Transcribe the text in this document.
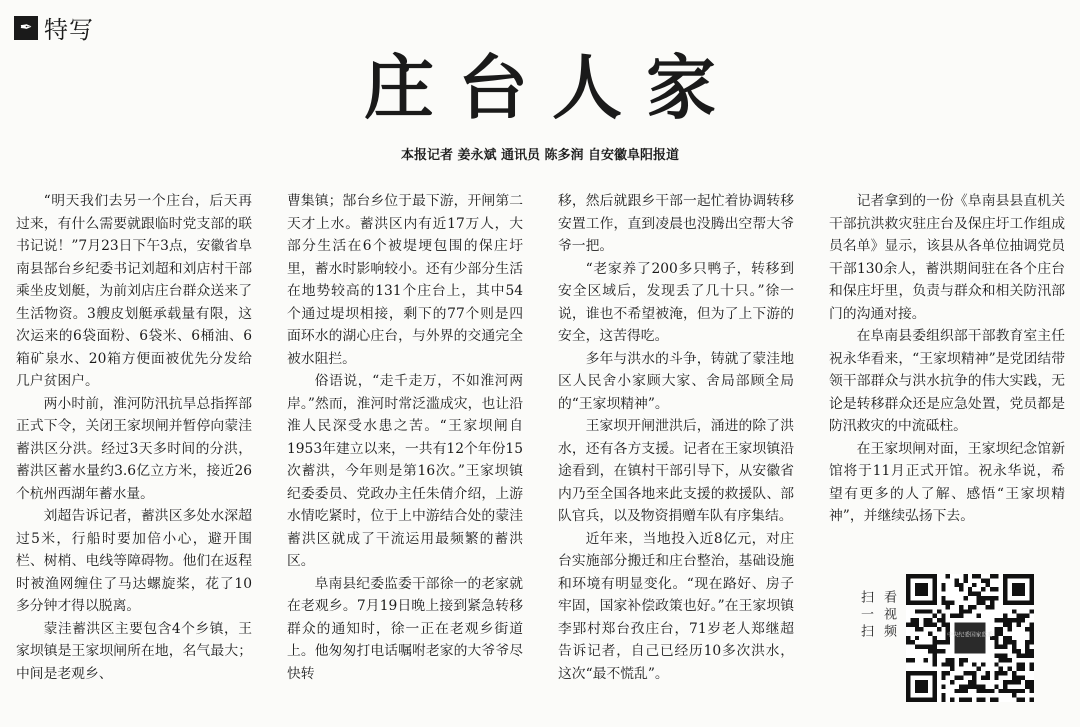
✒ 特写
庄台人家
本报记者 姜永斌 通讯员 陈多润 自安徽阜阳报道

“明天我们去另一个庄台，后天再过来，有什么需要就跟临时党支部的联书记说！”7月23日下午3点，安徽省阜南县郜台乡纪委书记刘超和刘店村干部乘坐皮划艇，为前刘店庄台群众送来了生活物资。3艘皮划艇承载量有限，这次运来的6袋面粉、6袋米、6桶油、6箱矿泉水、20箱方便面被优先分发给几户贫困户。

两小时前，淮河防汛抗旱总指挥部正式下令，关闭王家坝闸并暂停向蒙洼蓄洪区分洪。经过3天多时间的分洪，蓄洪区蓄水量约3.6亿立方米，接近26个杭州西湖年蓄水量。

刘超告诉记者，蓄洪区多处水深超过5米，行船时要加倍小心，避开围栏、树梢、电线等障碍物。他们在返程时被渔网缠住了马达螺旋桨，花了10多分钟才得以脱离。

蒙洼蓄洪区主要包含4个乡镇，王家坝镇是王家坝闸所在地，名气最大；中间是老观乡、

曹集镇；郜台乡位于最下游，开闸第二天才上水。蓄洪区内有近17万人，大部分生活在6个被堤埂包围的保庄圩里，蓄水时影响较小。还有少部分生活在地势较高的131个庄台上，其中54个通过堤坝相接，剩下的77个则是四面环水的湖心庄台，与外界的交通完全被水阻拦。

俗语说，“走千走万，不如淮河两岸。”然而，淮河时常泛滥成灾，也让沿淮人民深受水患之苦。“王家坝闸自1953年建立以来，一共有12个年份15次蓄洪，今年则是第16次。”王家坝镇纪委委员、党政办主任朱倩介绍，上游水情吃紧时，位于上中游结合处的蒙洼蓄洪区就成了干流运用最频繁的蓄洪区。

阜南县纪委监委干部徐一的老家就在老观乡。7月19日晚上接到紧急转移群众的通知时，徐一正在老观乡街道上。他匆匆打电话嘱咐老家的大爷爷尽快转

移，然后就跟乡干部一起忙着协调转移安置工作，直到凌晨也没腾出空帮大爷爷一把。

“老家养了200多只鸭子，转移到安全区域后，发现丢了几十只。”徐一说，谁也不希望被淹，但为了上下游的安全，这苦得吃。

多年与洪水的斗争，铸就了蒙洼地区人民舍小家顾大家、舍局部顾全局的“王家坝精神”。

王家坝开闸泄洪后，涌进的除了洪水，还有各方支援。记者在王家坝镇沿途看到，在镇村干部引导下，从安徽省内乃至全国各地来此支援的救援队、部队官兵，以及物资捐赠车队有序集结。

近年来，当地投入近8亿元，对庄台实施部分搬迁和庄台整治，基础设施和环境有明显变化。“现在路好、房子牢固，国家补偿政策也好。”在王家坝镇李郢村郑台孜庄台，71岁老人郑继超告诉记者，自己已经历10多次洪水，这次“最不慌乱”。

记者拿到的一份《阜南县县直机关干部抗洪救灾驻庄台及保庄圩工作组成员名单》显示，该县从各单位抽调党员干部130余人，蓄洪期间驻在各个庄台和保庄圩里，负责与群众和相关防汛部门的沟通对接。

在阜南县委组织部干部教育室主任祝永华看来，“王家坝精神”是党团结带领干部群众与洪水抗争的伟大实践，无论是转移群众还是应急处置，党员都是防汛救灾的中流砥柱。

在王家坝闸对面，王家坝纪念馆新馆将于11月正式开馆。祝永华说，希望有更多的人了解、感悟“王家坝精神”，并继续弘扬下去。

扫一扫 看视频	中央纪委国家监委
